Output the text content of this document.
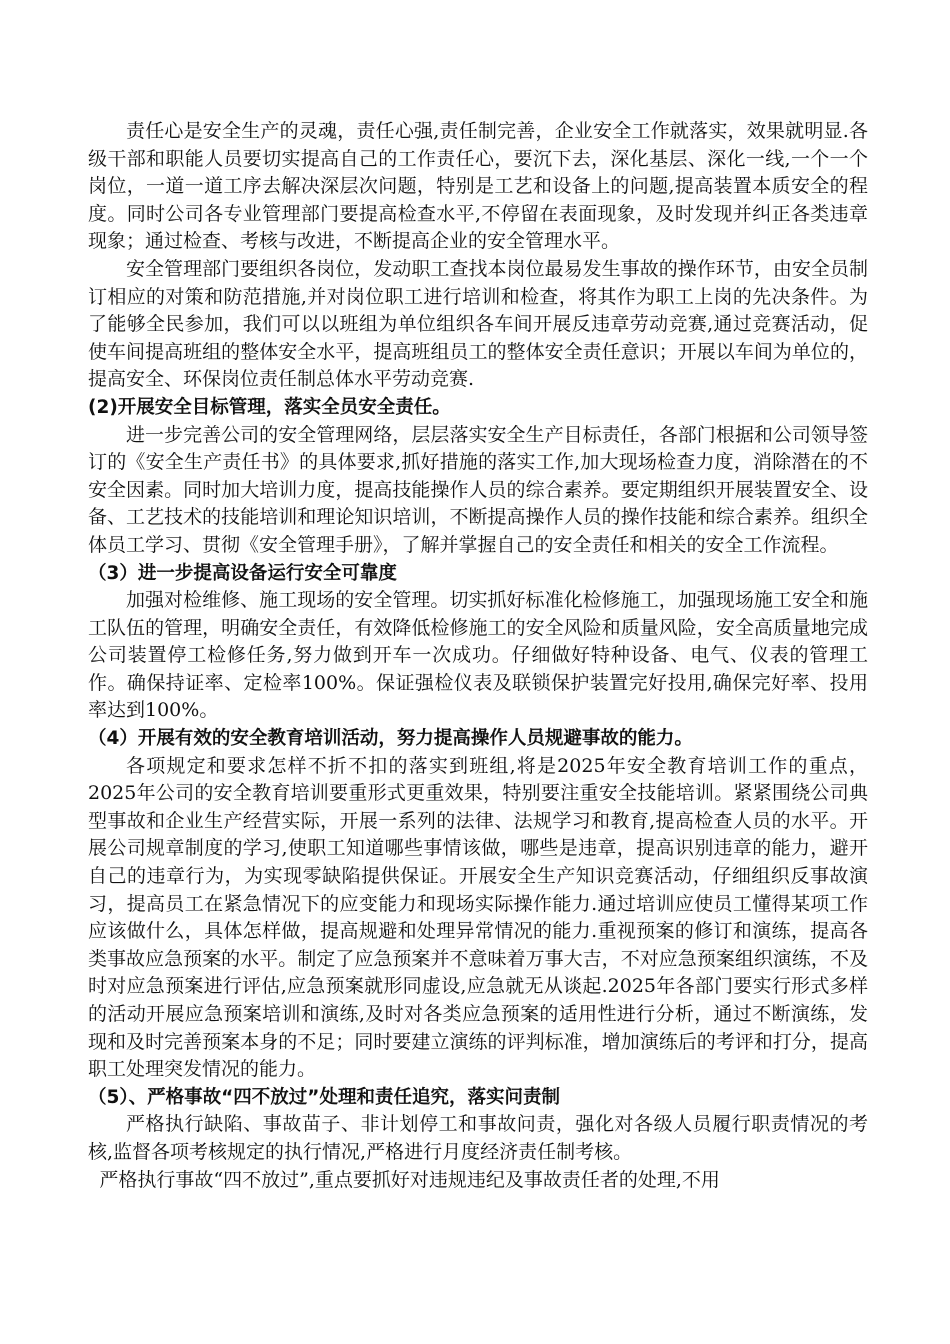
责任心是安全生产的灵魂，责任心强,责任制完善，企业安全工作就落实，效果就明显.各级干部和职能人员要切实提高自己的工作责任心，要沉下去，深化基层、深化一线,一个一个岗位，一道一道工序去解决深层次问题，特别是工艺和设备上的问题,提高装置本质安全的程度。同时公司各专业管理部门要提高检查水平,不停留在表面现象，及时发现并纠正各类违章现象；通过检查、考核与改进，不断提高企业的安全管理水平。

安全管理部门要组织各岗位，发动职工查找本岗位最易发生事故的操作环节，由安全员制订相应的对策和防范措施,并对岗位职工进行培训和检查，将其作为职工上岗的先决条件。为了能够全民参加，我们可以以班组为单位组织各车间开展反违章劳动竞赛,通过竞赛活动，促使车间提高班组的整体安全水平，提高班组员工的整体安全责任意识；开展以车间为单位的，提高安全、环保岗位责任制总体水平劳动竞赛.

(2)开展安全目标管理，落实全员安全责任。

进一步完善公司的安全管理网络，层层落实安全生产目标责任，各部门根据和公司领导签订的《安全生产责任书》的具体要求,抓好措施的落实工作,加大现场检查力度，消除潜在的不安全因素。同时加大培训力度，提高技能操作人员的综合素养。要定期组织开展装置安全、设备、工艺技术的技能培训和理论知识培训，不断提高操作人员的操作技能和综合素养。组织全体员工学习、贯彻《安全管理手册》，了解并掌握自己的安全责任和相关的安全工作流程。

（3）进一步提高设备运行安全可靠度

加强对检维修、施工现场的安全管理。切实抓好标准化检修施工，加强现场施工安全和施工队伍的管理，明确安全责任，有效降低检修施工的安全风险和质量风险，安全高质量地完成公司装置停工检修任务,努力做到开车一次成功。仔细做好特种设备、电气、仪表的管理工作。确保持证率、定检率100%。保证强检仪表及联锁保护装置完好投用,确保完好率、投用率达到100%。

（4）开展有效的安全教育培训活动，努力提高操作人员规避事故的能力。

各项规定和要求怎样不折不扣的落实到班组,将是2025年安全教育培训工作的重点，2025年公司的安全教育培训要重形式更重效果，特别要注重安全技能培训。紧紧围绕公司典型事故和企业生产经营实际，开展一系列的法律、法规学习和教育,提高检查人员的水平。开展公司规章制度的学习,使职工知道哪些事情该做，哪些是违章，提高识别违章的能力，避开自己的违章行为，为实现零缺陷提供保证。开展安全生产知识竞赛活动，仔细组织反事故演习，提高员工在紧急情况下的应变能力和现场实际操作能力.通过培训应使员工懂得某项工作应该做什么，具体怎样做，提高规避和处理异常情况的能力.重视预案的修订和演练，提高各类事故应急预案的水平。制定了应急预案并不意味着万事大吉，不对应急预案组织演练，不及时对应急预案进行评估,应急预案就形同虚设,应急就无从谈起.2025年各部门要实行形式多样的活动开展应急预案培训和演练,及时对各类应急预案的适用性进行分析，通过不断演练，发现和及时完善预案本身的不足；同时要建立演练的评判标准，增加演练后的考评和打分，提高职工处理突发情况的能力。

（5）、严格事故“四不放过”处理和责任追究，落实问责制

严格执行缺陷、事故苗子、非计划停工和事故问责，强化对各级人员履行职责情况的考核,监督各项考核规定的执行情况,严格进行月度经济责任制考核。

严格执行事故“四不放过”,重点要抓好对违规违纪及事故责任者的处理,不用
